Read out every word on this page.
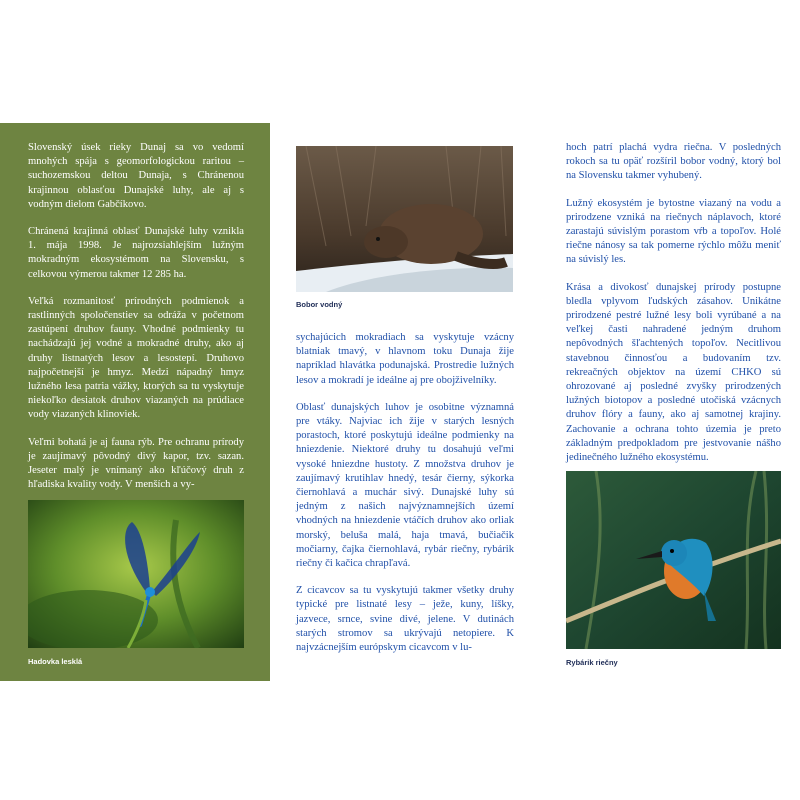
Slovenský úsek rieky Dunaj sa vo vedomí mnohých spája s geomorfologickou raritou – suchozemskou deltou Dunaja, s Chránenou krajinnou oblasťou Dunajské luhy, ale aj s vodným dielom Gabčíkovo.

Chránená krajinná oblasť Dunajské luhy vznikla 1. mája 1998. Je najrozsiahlejším lužným mokradným ekosystémom na Slovensku, s celkovou výmerou takmer 12 285 ha.

Veľká rozmanitosť prírodných podmienok a rastlinných spoločenstiev sa odráža v početnom zastúpení druhov fauny. Vhodné podmienky tu nachádzajú jej vodné a mokradné druhy, ako aj druhy listnatých lesov a lesostepí. Druhovo najpočetnejší je hmyz. Medzi nápadný hmyz lužného lesa patria vážky, ktorých sa tu vyskytuje niekoľko desiatok druhov viazaných na prúdiace vody viazaných klinoviek.

Veľmi bohatá je aj fauna rýb. Pre ochranu prírody je zaujímavý pôvodný divý kapor, tzv. sazan. Jeseter malý je vnímaný ako kľúčový druh z hľadiska kvality vody. V menších a vy-

Hadovka lesklá
Bobor vodný

sychajúcich mokradiach sa vyskytuje vzácny blatniak tmavý, v hlavnom toku Dunaja žije napríklad hlavátka podunajská. Prostredie lužných lesov a mokradí je ideálne aj pre obojživelníky.

Oblasť dunajských luhov je osobitne významná pre vtáky. Najviac ich žije v starých lesných porastoch, ktoré poskytujú ideálne podmienky na hniezdenie. Niektoré druhy tu dosahujú veľmi vysoké hniezdne hustoty. Z množstva druhov je zaujímavý krutihlav hnedý, tesár čierny, sýkorka čiernohlavá a muchár sivý. Dunajské luhy sú jedným z našich najvýznamnejších území vhodných na hniezdenie vtáčích druhov ako orliak morský, beluša malá, haja tmavá, bučiačik močiarny, čajka čiernohlavá, rybár riečny, rybárik riečny či kačica chrapľavá.

Z cicavcov sa tu vyskytujú takmer všetky druhy typické pre listnaté lesy – ježe, kuny, líšky, jazvece, srnce, svine divé, jelene. V dutinách starých stromov sa ukrývajú netopiere. K najvzácnejším európskym cicavcom v lu-

hoch patrí plachá vydra riečna. V posledných rokoch sa tu opäť rozšíril bobor vodný, ktorý bol na Slovensku takmer vyhubený.

Lužný ekosystém je bytostne viazaný na vodu a prirodzene vzniká na riečnych náplavoch, ktoré zarastajú súvislým porastom vŕb a topoľov. Holé riečne nánosy sa tak pomerne rýchlo môžu meniť na súvislý les.

Krása a divokosť dunajskej prírody postupne bledla vplyvom ľudských zásahov. Unikátne prirodzené pestré lužné lesy boli vyrúbané a na veľkej časti nahradené jedným druhom nepôvodných šľachtených topoľov. Necitlivou stavebnou činnosťou a budovaním tzv. rekreačných objektov na území CHKO sú ohrozované aj posledné zvyšky prirodzených lužných biotopov a posledné utočiská vzácnych druhov flóry a fauny, ako aj samotnej krajiny. Zachovanie a ochrana tohto územia je preto základným predpokladom pre jestvovanie nášho jedinečného lužného ekosystému.

Rybárik riečny
